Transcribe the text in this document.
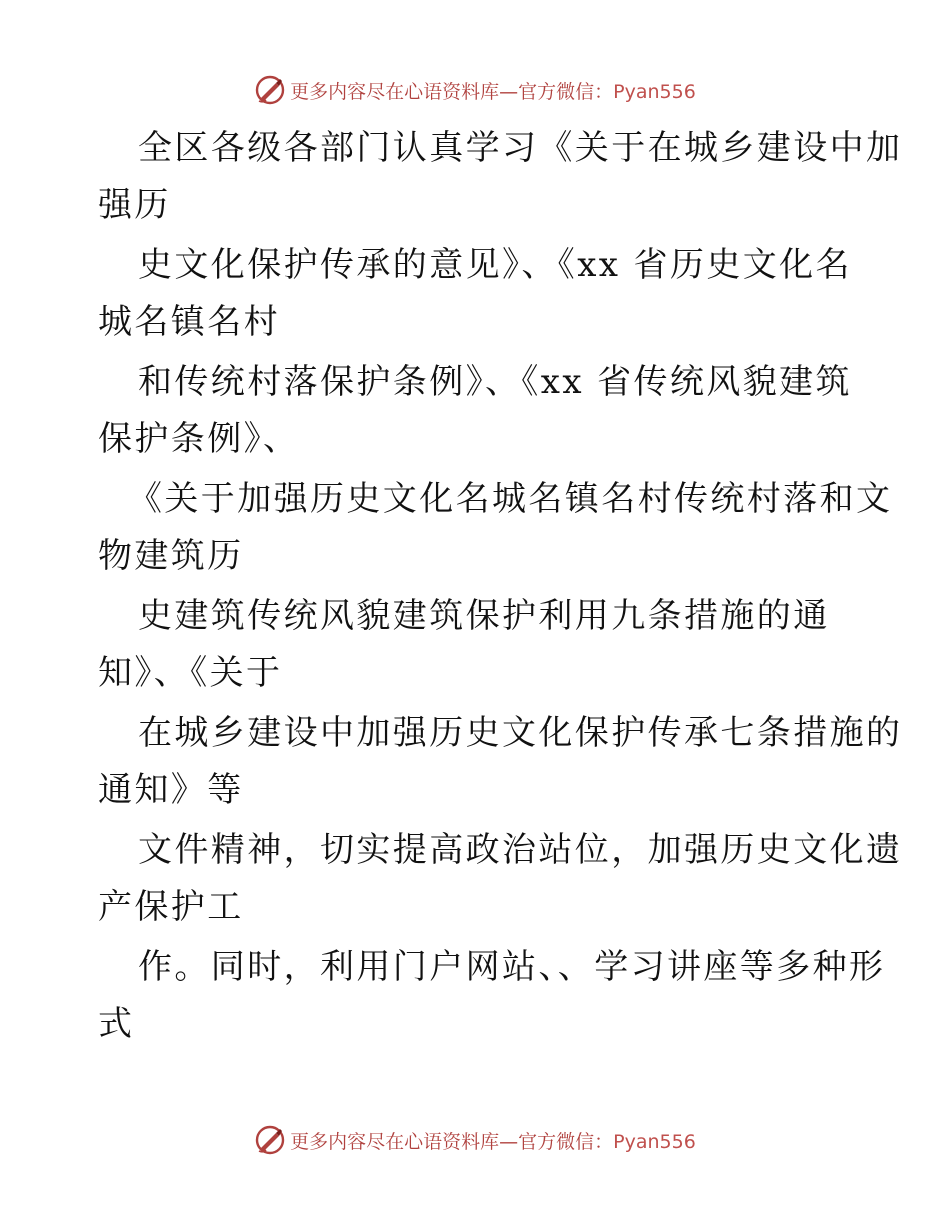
更多内容尽在心语资料库—官方微信：Pyan556
全区各级各部门认真学习《关于在城乡建设中加
强历
史文化保护传承的意见》、《xx 省历史文化名
城名镇名村
和传统村落保护条例》、《xx 省传统风貌建筑
保护条例》、
《关于加强历史文化名城名镇名村传统村落和文
物建筑历
史建筑传统风貌建筑保护利用九条措施的通
知》、《关于
在城乡建设中加强历史文化保护传承七条措施的
通知》等
文件精神，切实提高政治站位，加强历史文化遗
产保护工
作。同时，利用门户网站、、学习讲座等多种形
式
更多内容尽在心语资料库—官方微信：Pyan556
